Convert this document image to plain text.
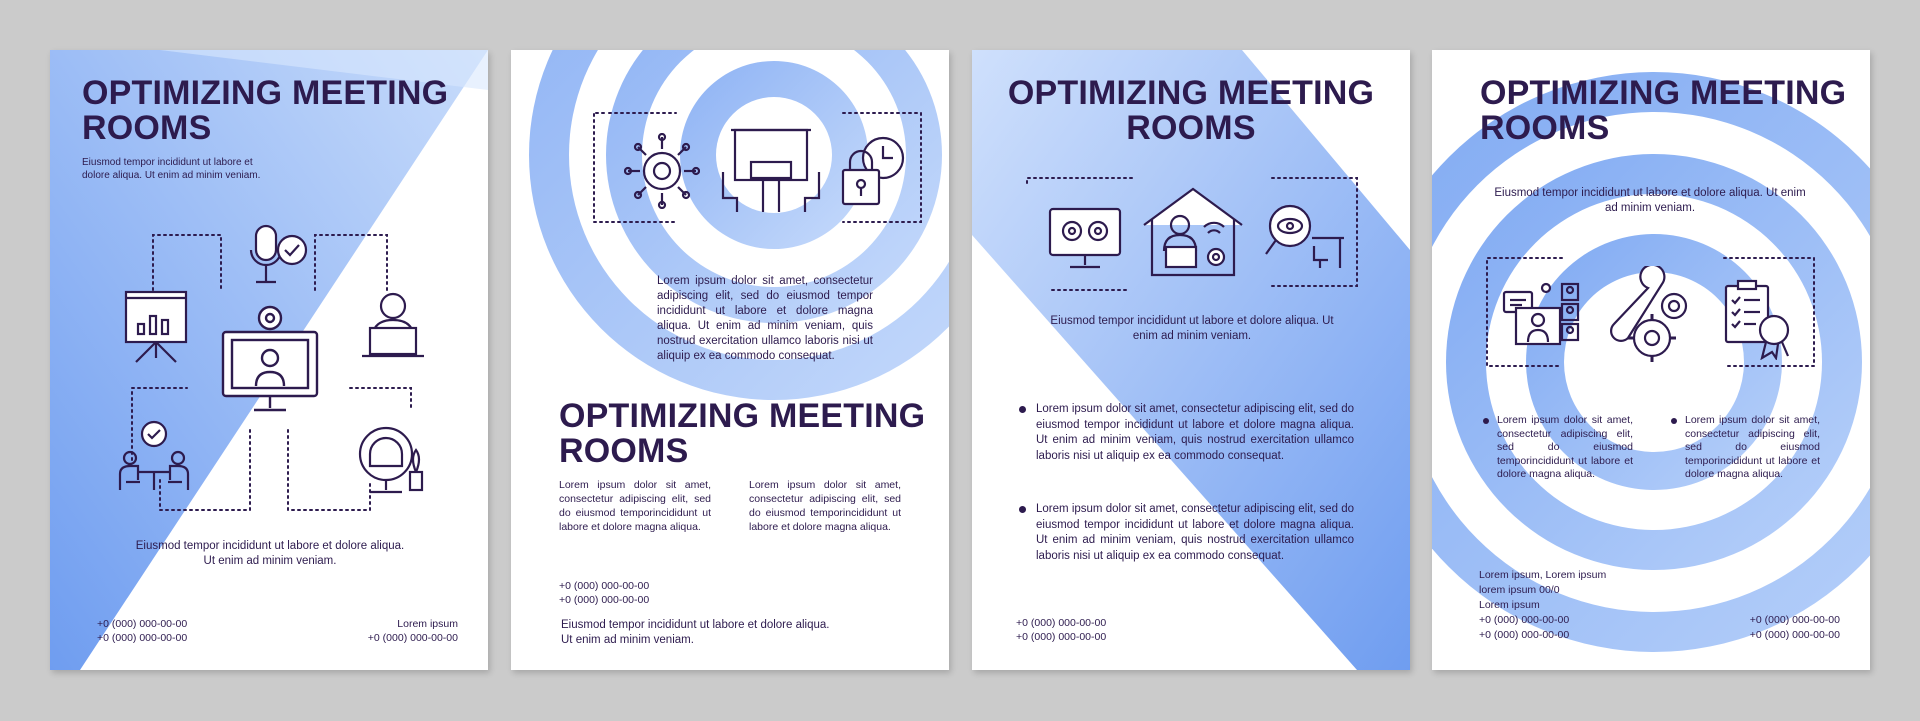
OPTIMIZING MEETING ROOMS
Eiusmod tempor incididunt ut labore et dolore aliqua. Ut enim ad minim veniam.
Eiusmod tempor incididunt ut labore et dolore aliqua. Ut enim ad minim veniam.
+0 (000) 000-00-00
+0 (000) 000-00-00
Lorem ipsum
+0 (000) 000-00-00
Lorem ipsum dolor sit amet, consectetur adipiscing elit, sed do eiusmod tempor incididunt ut labore et dolore magna aliqua. Ut enim ad minim veniam, quis nostrud exercitation ullamco laboris nisi ut aliquip ex ea commodo consequat.
OPTIMIZING MEETING ROOMS
Lorem ipsum dolor sit amet, consectetur adipiscing elit, sed do eiusmod temporincididunt ut labore et dolore magna aliqua.
Lorem ipsum dolor sit amet, consectetur adipiscing elit, sed do eiusmod temporincididunt ut labore et dolore magna aliqua.
+0 (000) 000-00-00
+0 (000) 000-00-00
Eiusmod tempor incididunt ut labore et dolore aliqua. Ut enim ad minim veniam.
OPTIMIZING MEETING ROOMS
Eiusmod tempor incididunt ut labore et dolore aliqua. Ut enim ad minim veniam.
Lorem ipsum dolor sit amet, consectetur adipiscing elit, sed do eiusmod tempor incididunt ut labore et dolore magna aliqua. Ut enim ad minim veniam, quis nostrud exercitation ullamco laboris nisi ut aliquip ex ea commodo consequat.
Lorem ipsum dolor sit amet, consectetur adipiscing elit, sed do eiusmod tempor incididunt ut labore et dolore magna aliqua. Ut enim ad minim veniam, quis nostrud exercitation ullamco laboris nisi ut aliquip ex ea commodo consequat.
+0 (000) 000-00-00
+0 (000) 000-00-00
OPTIMIZING MEETING ROOMS
Eiusmod tempor incididunt ut labore et dolore aliqua. Ut enim ad minim veniam.
Lorem ipsum dolor sit amet, consectetur adipiscing elit, sed do eiusmod temporincididunt ut labore et dolore magna aliqua.
Lorem ipsum dolor sit amet, consectetur adipiscing elit, sed do eiusmod temporincididunt ut labore et dolore magna aliqua.
Lorem ipsum, Lorem ipsum
lorem ipsum 00/0
Lorem ipsum
+0 (000) 000-00-00
+0 (000) 000-00-00
+0 (000) 000-00-00
+0 (000) 000-00-00
